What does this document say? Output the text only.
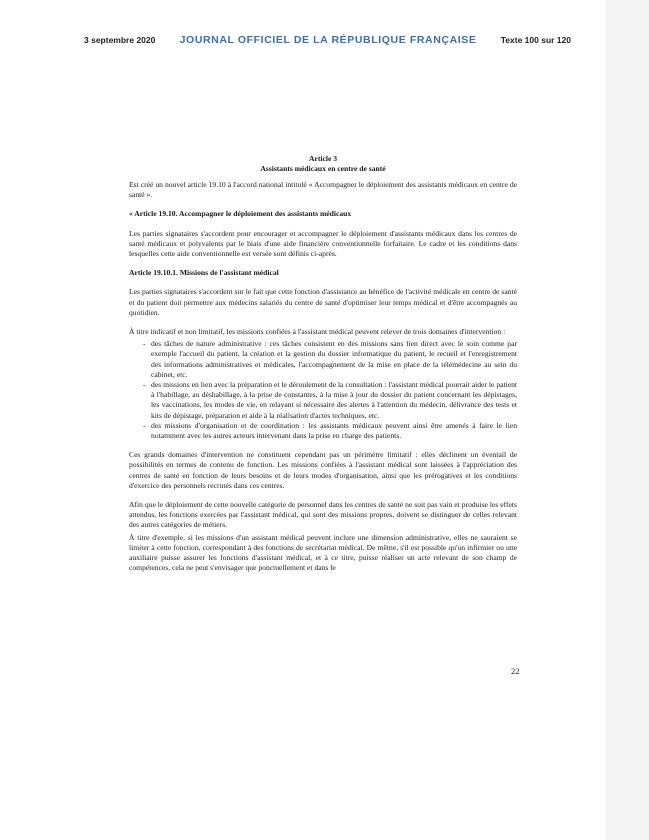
3 septembre 2020 JOURNAL OFFICIEL DE LA RÉPUBLIQUE FRANÇAISE	Texte 100 sur 120
Article 3
Assistants médicaux en centre de santé

Est créé un nouvel article 19.10 à l'accord national intitulé « Accompagner le déploiement des assistants médicaux en centre de santé ».

« Article 19.10. Accompagner le déploiement des assistants médicaux

Les parties signataires s'accordent pour encourager et accompagner le déploiement d'assistants médicaux dans les centres de santé médicaux et polyvalents par le biais d'une aide financière conventionnelle forfaitaire. Le cadre et les conditions dans lesquelles cette aide conventionnelle est versée sont définis ci-après.

Article 19.10.1. Missions de l'assistant médical

Les parties signataires s'accordent sur le fait que cette fonction d'assistance au bénéfice de l'activité médicale en centre de santé et du patient doit permettre aux médecins salariés du centre de santé d'optimiser leur temps médical et d'être accompagnés au quotidien.

À titre indicatif et non limitatif, les missions confiées à l'assistant médical peuvent relever de trois domaines d'intervention :

- des tâches de nature administrative : ces tâches consistent en des missions sans lien direct avec le soin comme par exemple l'accueil du patient, la création et la gestion du dossier informatique du patient, le recueil et l'enregistrement des informations administratives et médicales, l'accompagnement de la mise en place de la télémédecine au sein du cabinet, etc.
- des missions en lien avec la préparation et le déroulement de la consultation : l'assistant médical pourrait aider le patient à l'habillage, au déshabillage, à la prise de constantes, à la mise à jour du dossier du patient concernant les dépistages, les vaccinations, les modes de vie, en relayant si nécessaire des alertes à l'attention du médecin, délivrance des tests et kits de dépistage, préparation et aide à la réalisation d'actes techniques, etc.
- des missions d'organisation et de coordination : les assistants médicaux peuvent ainsi être amenés à faire le lien notamment avec les autres acteurs intervenant dans la prise en charge des patients.

Ces grands domaines d'intervention ne constituent cependant pas un périmètre limitatif : elles déclinent un éventail de possibilités en termes de contenu de fonction. Les missions confiées à l'assistant médical sont laissées à l'appréciation des centres de santé en fonction de leurs besoins et de leurs modes d'organisation, ainsi que les prérogatives et les conditions d'exercice des personnels recrutés dans ces centres.

Afin que le déploiement de cette nouvelle catégorie de personnel dans les centres de santé ne soit pas vain et produise les effets attendus, les fonctions exercées par l'assistant médical, qui sont des missions propres, doivent se distinguer de celles relevant des autres catégories de métiers.

À titre d'exemple, si les missions d'un assistant médical peuvent inclure une dimension administrative, elles ne sauraient se limiter à cette fonction, correspondant à des fonctions de secrétariat médical. De même, s'il est possible qu'un infirmier ou une auxiliaire puisse assurer les fonctions d'assistant médical, et à ce titre, puisse réaliser un acte relevant de son champ de compétences, cela ne peut s'envisager que ponctuellement et dans le

22
